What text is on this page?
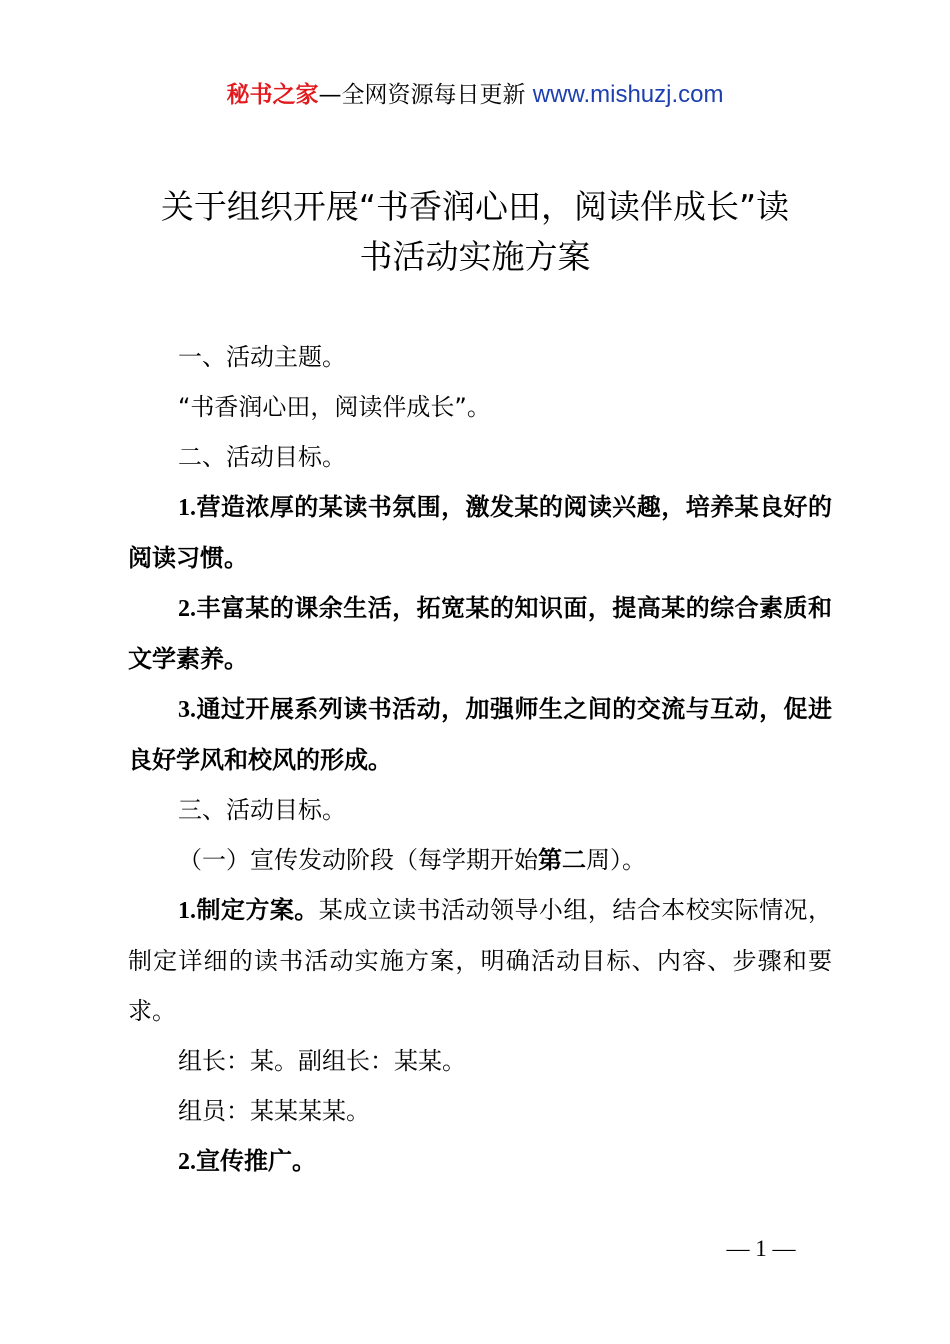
秘书之家—全网资源每日更新 www.mishuzj.com
关于组织开展“书香润心田，阅读伴成长”读
书活动实施方案

一、活动主题。

“书香润心田，阅读伴成长”。

二、活动目标。

1.营造浓厚的某读书氛围，激发某的阅读兴趣，培养某良好的阅读习惯。

2.丰富某的课余生活，拓宽某的知识面，提高某的综合素质和文学素养。

3.通过开展系列读书活动，加强师生之间的交流与互动，促进良好学风和校风的形成。

三、活动目标。

（一）宣传发动阶段（每学期开始第二周）。

1.制定方案。某成立读书活动领导小组，结合本校实际情况，制定详细的读书活动实施方案，明确活动目标、内容、步骤和要求。

组长：某。副组长：某某。

组员：某某某某。

2.宣传推广。

— 1 —
